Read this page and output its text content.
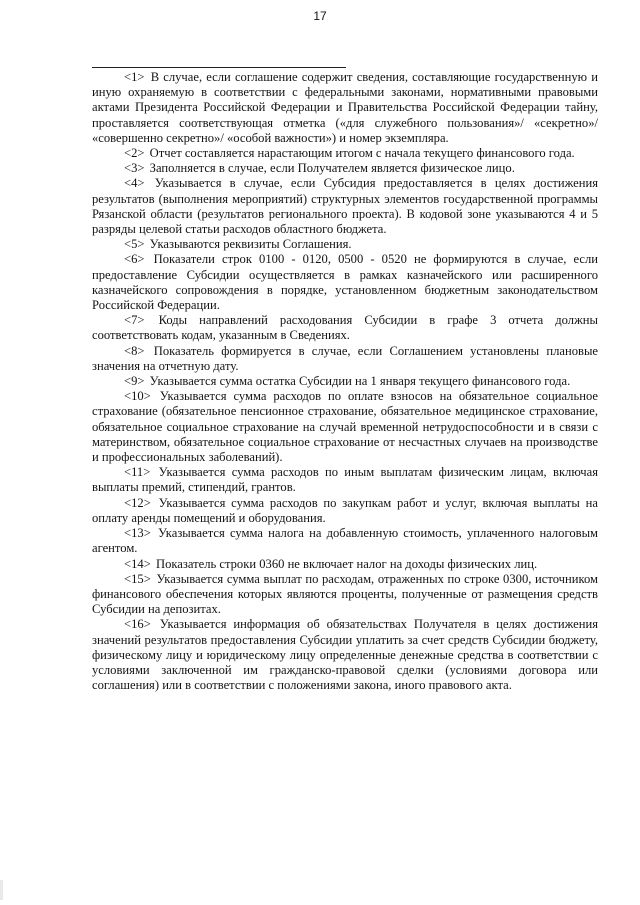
17

<1> В случае, если соглашение содержит сведения, составляющие государственную и иную охраняемую в соответствии с федеральными законами, нормативными правовыми актами Президента Российской Федерации и Правительства Российской Федерации тайну, проставляется соответствующая отметка («для служебного пользования»/ «секретно»/ «совершенно секретно»/ «особой важности») и номер экземпляра.

<2> Отчет составляется нарастающим итогом с начала текущего финансового года.

<3> Заполняется в случае, если Получателем является физическое лицо.

<4> Указывается в случае, если Субсидия предоставляется в целях достижения результатов (выполнения мероприятий) структурных элементов государственной программы Рязанской области (результатов регионального проекта). В кодовой зоне указываются 4 и 5 разряды целевой статьи расходов областного бюджета.

<5> Указываются реквизиты Соглашения.

<6> Показатели строк 0100 - 0120, 0500 - 0520 не формируются в случае, если предоставление Субсидии осуществляется в рамках казначейского или расширенного казначейского сопровождения в порядке, установленном бюджетным законодательством Российской Федерации.

<7> Коды направлений расходования Субсидии в графе 3 отчета должны соответствовать кодам, указанным в Сведениях.

<8> Показатель формируется в случае, если Соглашением установлены плановые значения на отчетную дату.

<9> Указывается сумма остатка Субсидии на 1 января текущего финансового года.

<10> Указывается сумма расходов по оплате взносов на обязательное социальное страхование (обязательное пенсионное страхование, обязательное медицинское страхование, обязательное социальное страхование на случай временной нетрудоспособности и в связи с материнством, обязательное социальное страхование от несчастных случаев на производстве и профессиональных заболеваний).

<11> Указывается сумма расходов по иным выплатам физическим лицам, включая выплаты премий, стипендий, грантов.

<12> Указывается сумма расходов по закупкам работ и услуг, включая выплаты на оплату аренды помещений и оборудования.

<13> Указывается сумма налога на добавленную стоимость, уплаченного налоговым агентом.

<14> Показатель строки 0360 не включает налог на доходы физических лиц.

<15> Указывается сумма выплат по расходам, отраженных по строке 0300, источником финансового обеспечения которых являются проценты, полученные от размещения средств Субсидии на депозитах.

<16> Указывается информация об обязательствах Получателя в целях достижения значений результатов предоставления Субсидии уплатить за счет средств Субсидии бюджету, физическому лицу и юридическому лицу определенные денежные средства в соответствии с условиями заключенной им гражданско-правовой сделки (условиями договора или соглашения) или в соответствии с положениями закона, иного правового акта.
